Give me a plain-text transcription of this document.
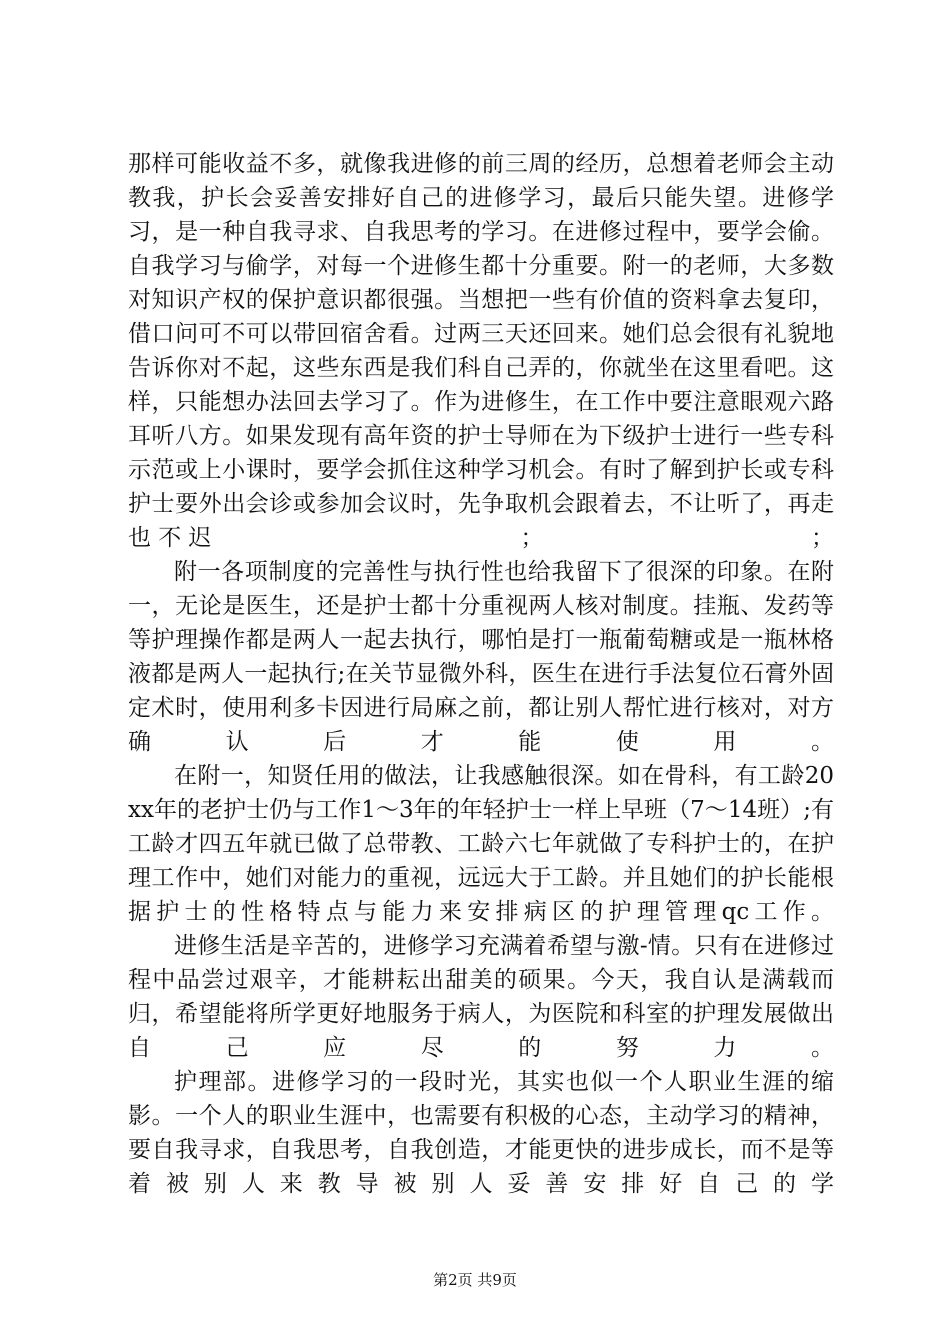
那样可能收益不多，就像我进修的前三周的经历，总想着老师会主动教我，护长会妥善安排好自己的进修学习，最后只能失望。进修学习，是一种自我寻求、自我思考的学习。在进修过程中，要学会偷。自我学习与偷学，对每一个进修生都十分重要。附一的老师，大多数对知识产权的保护意识都很强。当想把一些有价值的资料拿去复印，借口问可不可以带回宿舍看。过两三天还回来。她们总会很有礼貌地告诉你对不起，这些东西是我们科自己弄的，你就坐在这里看吧。这样，只能想办法回去学习了。作为进修生，在工作中要注意眼观六路耳听八方。如果发现有高年资的护士导师在为下级护士进行一些专科示范或上小课时，要学会抓住这种学习机会。有时了解到护长或专科护士要外出会诊或参加会议时，先争取机会跟着去，不让听了，再走也不迟　　　　　　　　　　；　　　　　　　　　；

附一各项制度的完善性与执行性也给我留下了很深的印象。在附一，无论是医生，还是护士都十分重视两人核对制度。挂瓶、发药等等护理操作都是两人一起去执行，哪怕是打一瓶葡萄糖或是一瓶林格液都是两人一起执行;在关节显微外科，医生在进行手法复位石膏外固定术时，使用利多卡因进行局麻之前，都让别人帮忙进行核对，对方确认后才能使用。

在附一，知贤任用的做法，让我感触很深。如在骨科，有工龄20xx年的老护士仍与工作1～3年的年轻护士一样上早班（7～14班）;有工龄才四五年就已做了总带教、工龄六七年就做了专科护士的，在护理工作中，她们对能力的重视，远远大于工龄。并且她们的护长能根据护士的性格特点与能力来安排病区的护理管理qc工作。

进修生活是辛苦的，进修学习充满着希望与激-情。只有在进修过程中品尝过艰辛，才能耕耘出甜美的硕果。今天，我自认是满载而归，希望能将所学更好地服务于病人，为医院和科室的护理发展做出自己应尽的努力。

护理部。进修学习的一段时光，其实也似一个人职业生涯的缩影。一个人的职业生涯中，也需要有积极的心态，主动学习的精神，要自我寻求，自我思考，自我创造，才能更快的进步成长，而不是等着被别人来教导被别人妥善安排好自己的学

第2页 共9页
